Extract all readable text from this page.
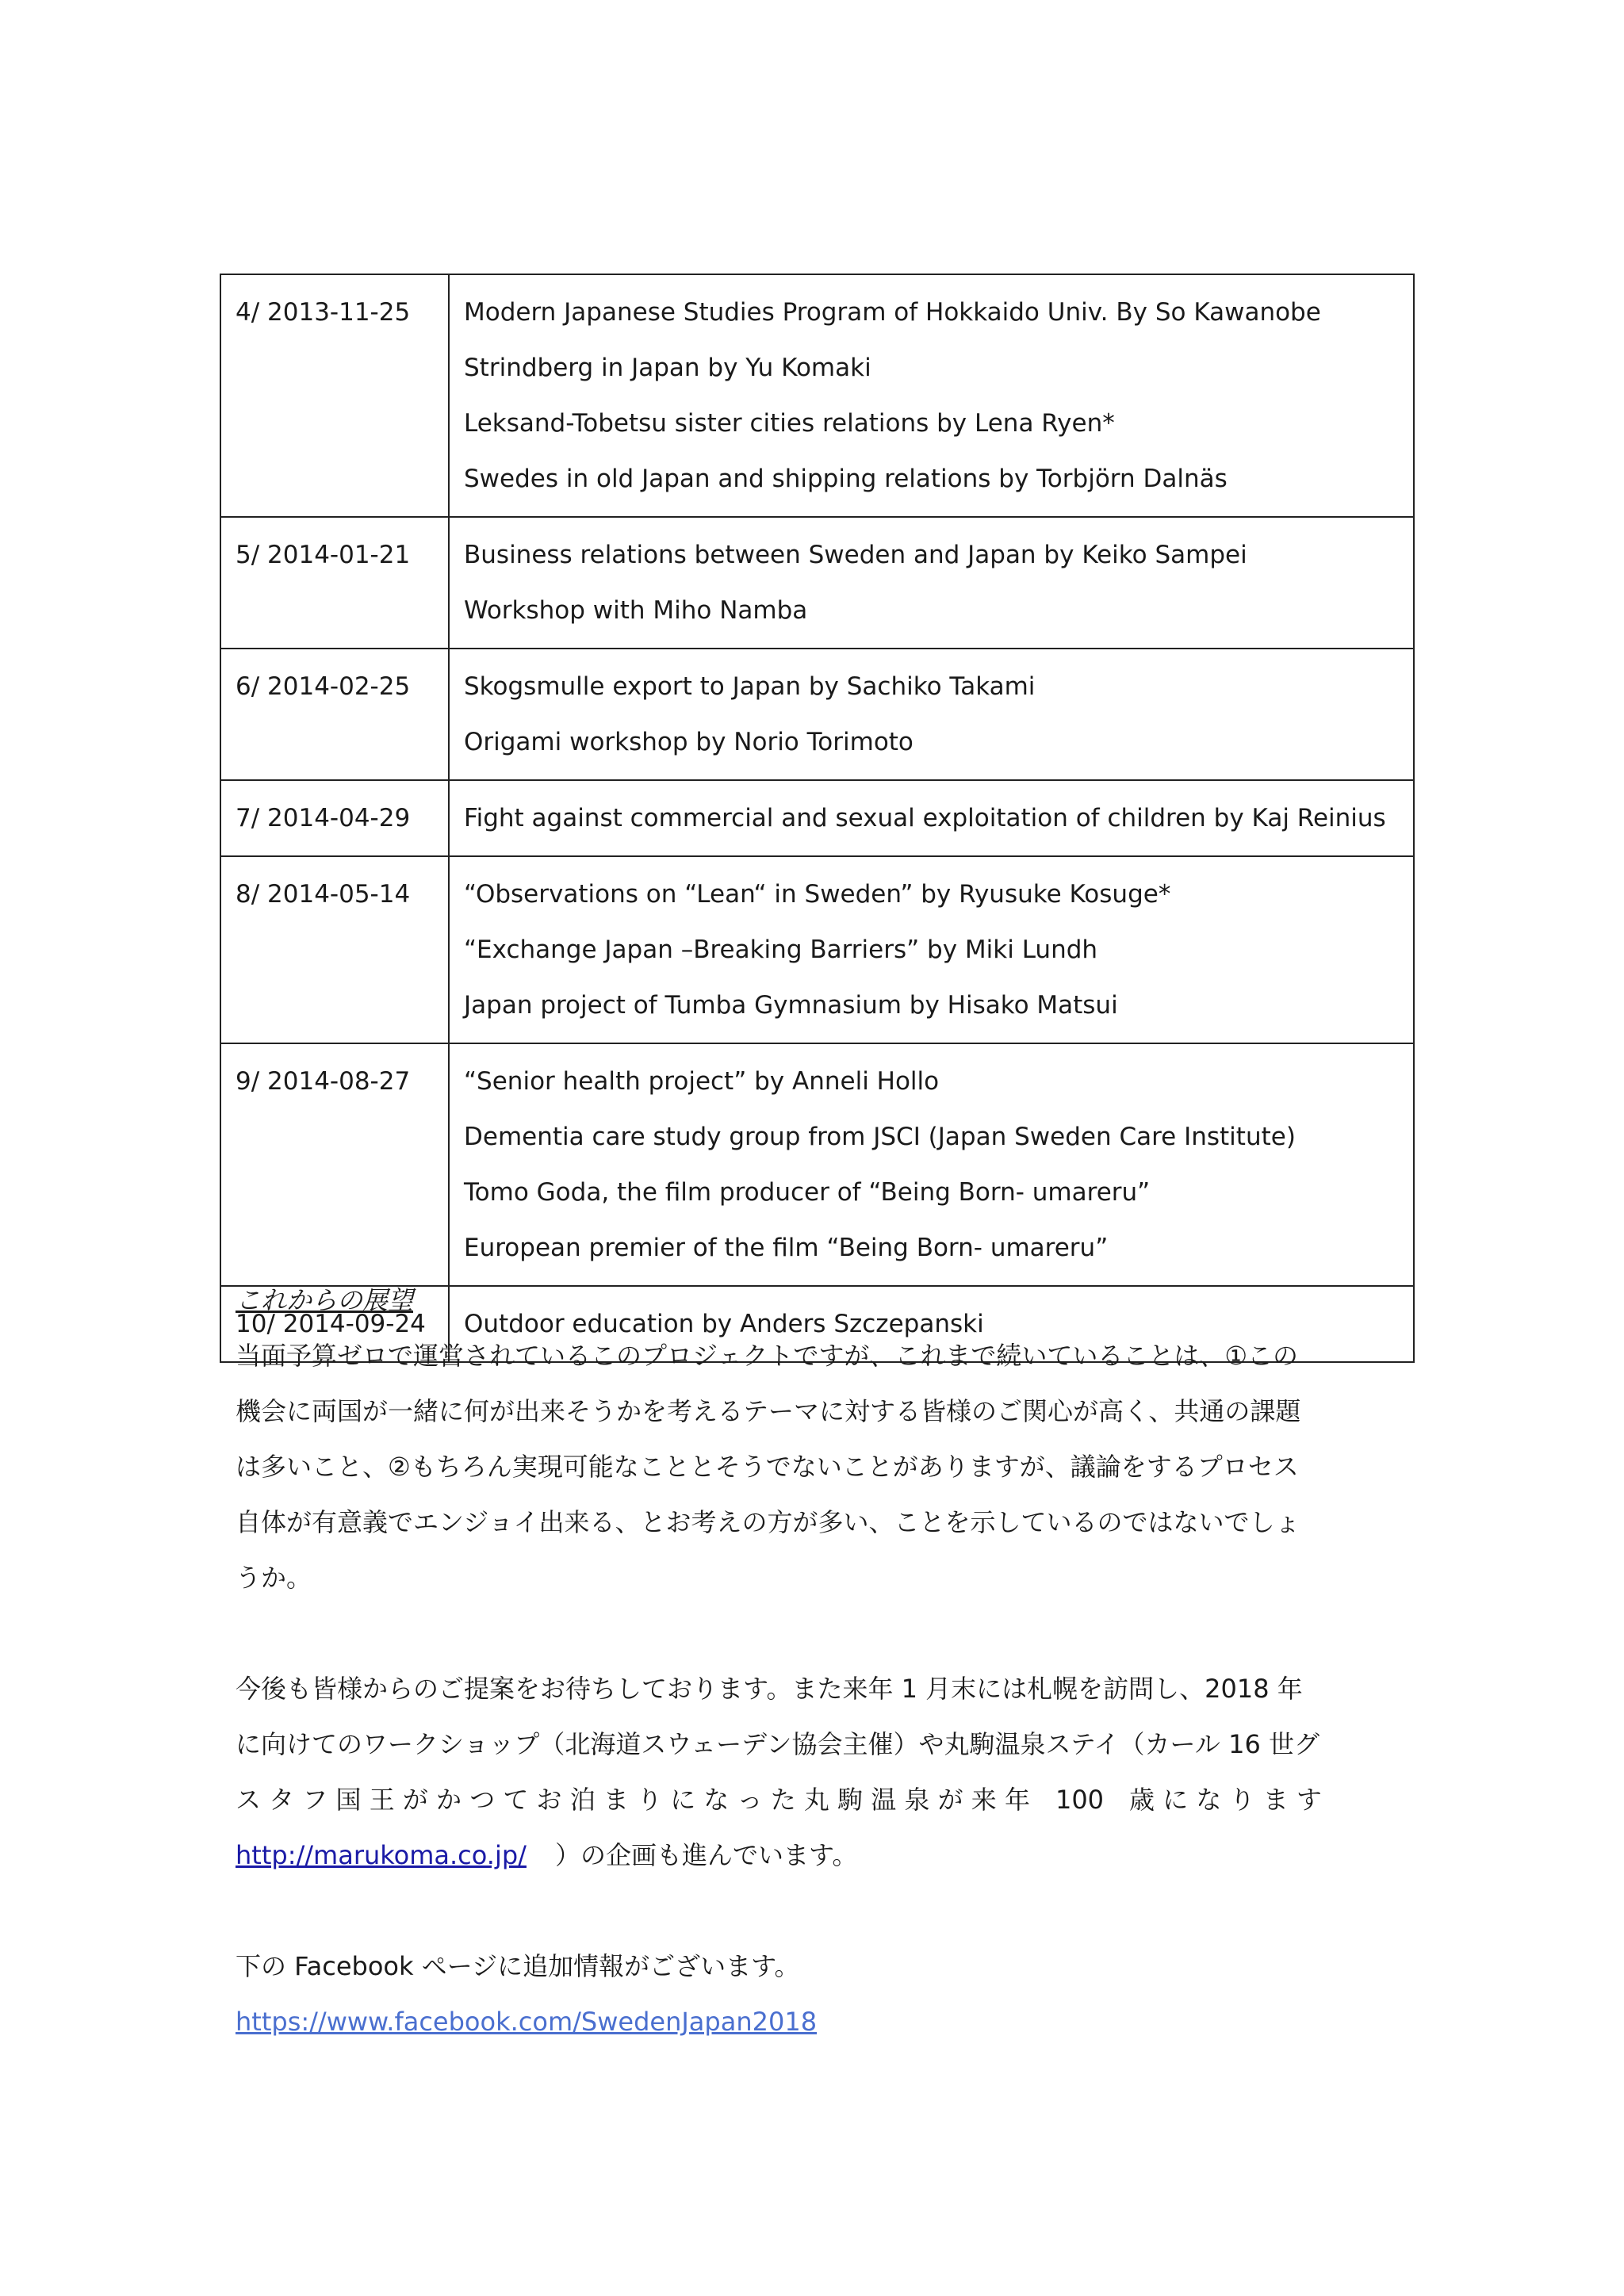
4/ 2013-11-25	Modern Japanese Studies Program of Hokkaido Univ. By So Kawanobe
Strindberg in Japan by Yu Komaki
Leksand-Tobetsu sister cities relations by Lena Ryen*
Swedes in old Japan and shipping relations by Torbjörn Dalnäs

5/ 2014-01-21	Business relations between Sweden and Japan by Keiko Sampei
Workshop with Miho Namba

6/ 2014-02-25	Skogsmulle export to Japan by Sachiko Takami
Origami workshop by Norio Torimoto

7/ 2014-04-29	Fight against commercial and sexual exploitation of children by Kaj Reinius

8/ 2014-05-14	“Observations on “Lean“ in Sweden” by Ryusuke Kosuge*
“Exchange Japan –Breaking Barriers” by Miki Lundh
Japan project of Tumba Gymnasium by Hisako Matsui

9/ 2014-08-27	“Senior health project” by Anneli Hollo
Dementia care study group from JSCI (Japan Sweden Care Institute)
Tomo Goda, the film producer of “Being Born- umareru”
European premier of the film “Being Born- umareru”

10/ 2014-09-24	Outdoor education by Anders Szczepanski
これからの展望
当面予算ゼロで運営されているこのプロジェクトですが、これまで続いていることは、①この
機会に両国が一緒に何が出来そうかを考えるテーマに対する皆様のご関心が高く、共通の課題
は多いこと、②もちろん実現可能なこととそうでないことがありますが、議論をするプロセス
自体が有意義でエンジョイ出来る、とお考えの方が多い、ことを示しているのではないでしょ
うか。
今後も皆様からのご提案をお待ちしております。また来年 1 月末には札幌を訪問し、2018 年
に向けてのワークショップ（北海道スウェーデン協会主催）や丸駒温泉ステイ（カール 16 世グ
ス タ フ 国 王 が か つ て お 泊 ま り に な っ た 丸 駒 温 泉 が 来 年　100　歳 に な り ま す
http://marukoma.co.jp/ ）の企画も進んでいます。
下の Facebook ページに追加情報がございます。
https://www.facebook.com/SwedenJapan2018
